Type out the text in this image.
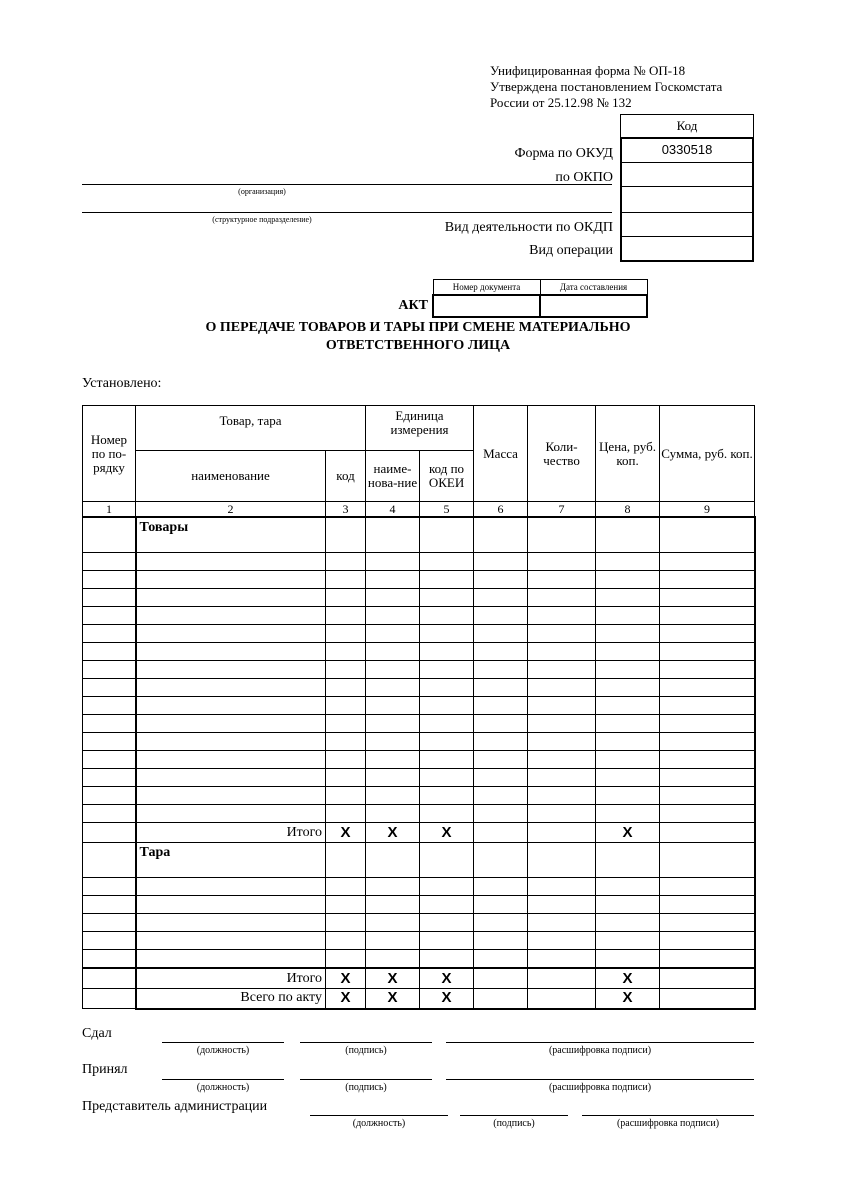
Унифицированная форма № ОП-18
Утверждена постановлением Госкомстата
России от 25.12.98 № 132
Код
0330518
Форма по ОКУД
по ОКПО
Вид деятельности по ОКДП
Вид операции
(организация)
(структурное подразделение)
Номер документа	Дата составления

АКТ
О ПЕРЕДАЧЕ ТОВАРОВ И ТАРЫ ПРИ СМЕНЕ МАТЕРИАЛЬНО
ОТВЕТСТВЕННОГО ЛИЦА
Установлено:
Номер по по-рядку	Товар, тара		Единица измерения		Масса	Коли-чество	Цена, руб. коп.	Сумма, руб. коп.
	наименование	код	наиме-нова-ние	код по ОКЕИ				
1	2	3	4	5	6	7	8	9
	Товары							

	Итого	X	X	X			X	
	Тара							

	Итого	X	X	X			X	
	Всего по акту	X	X	X			X	
Сдал
(должность)	(подпись)	(расшифровка подписи)
Принял
(должность)	(подпись)	(расшифровка подписи)
Представитель администрации
(должность)	(подпись)	(расшифровка подписи)
